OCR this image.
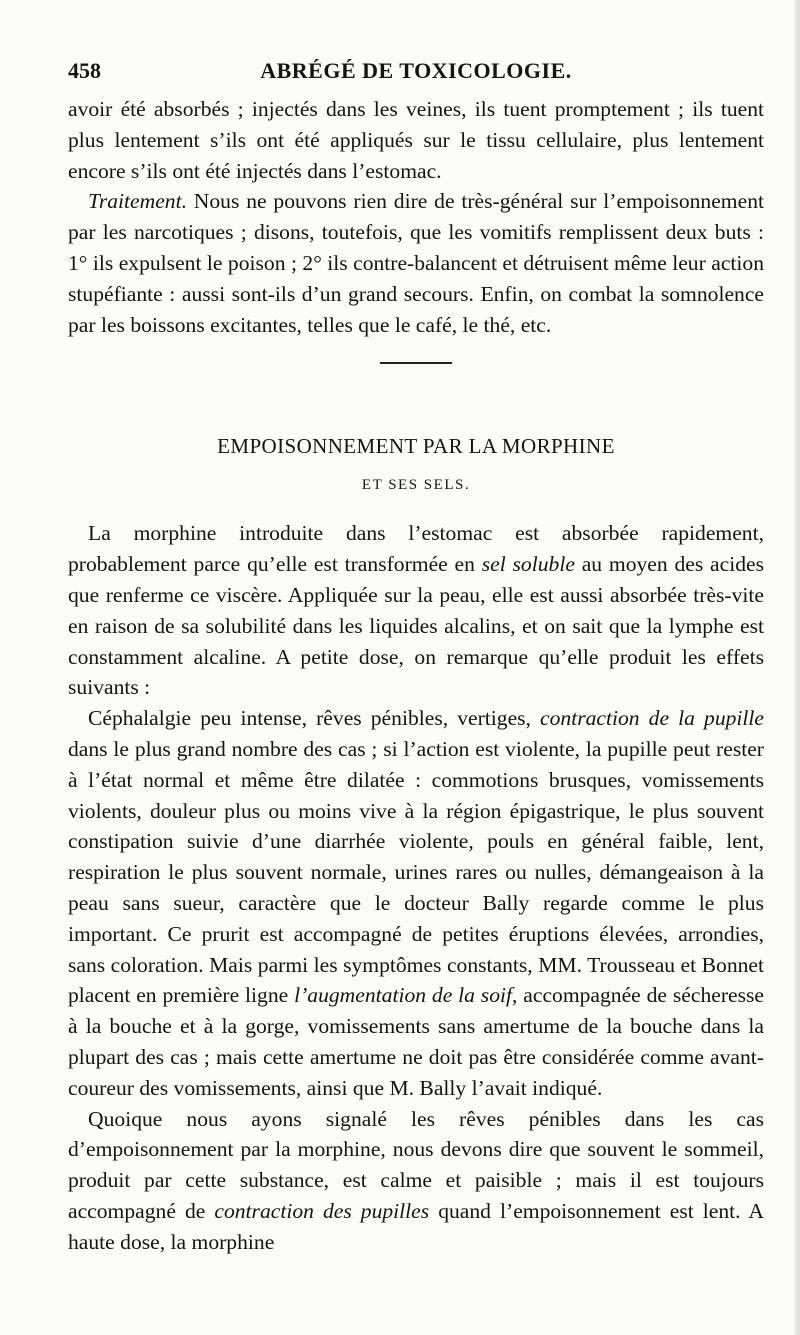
458	ABRÉGÉ DE TOXICOLOGIE.

avoir été absorbés ; injectés dans les veines, ils tuent promptement ; ils tuent plus lentement s’ils ont été appliqués sur le tissu cellulaire, plus lentement encore s’ils ont été injectés dans l’estomac.

Traitement. Nous ne pouvons rien dire de très-général sur l’empoisonnement par les narcotiques ; disons, toutefois, que les vomitifs remplissent deux buts : 1° ils expulsent le poison ; 2° ils contre-balancent et détruisent même leur action stupéfiante : aussi sont-ils d’un grand secours. Enfin, on combat la somnolence par les boissons excitantes, telles que le café, le thé, etc.

EMPOISONNEMENT PAR LA MORPHINE
ET SES SELS.

La morphine introduite dans l’estomac est absorbée rapidement, probablement parce qu’elle est transformée en sel soluble au moyen des acides que renferme ce viscère. Appliquée sur la peau, elle est aussi absorbée très-vite en raison de sa solubilité dans les liquides alcalins, et on sait que la lymphe est constamment alcaline. A petite dose, on remarque qu’elle produit les effets suivants :

Céphalalgie peu intense, rêves pénibles, vertiges, contraction de la pupille dans le plus grand nombre des cas ; si l’action est violente, la pupille peut rester à l’état normal et même être dilatée : commotions brusques, vomissements violents, douleur plus ou moins vive à la région épigastrique, le plus souvent constipation suivie d’une diarrhée violente, pouls en général faible, lent, respiration le plus souvent normale, urines rares ou nulles, démangeaison à la peau sans sueur, caractère que le docteur Bally regarde comme le plus important. Ce prurit est accompagné de petites éruptions élevées, arrondies, sans coloration. Mais parmi les symptômes constants, MM. Trousseau et Bonnet placent en première ligne l’augmentation de la soif, accompagnée de sécheresse à la bouche et à la gorge, vomissements sans amertume de la bouche dans la plupart des cas ; mais cette amertume ne doit pas être considérée comme avant-coureur des vomissements, ainsi que M. Bally l’avait indiqué.

Quoique nous ayons signalé les rêves pénibles dans les cas d’empoisonnement par la morphine, nous devons dire que souvent le sommeil, produit par cette substance, est calme et paisible ; mais il est toujours accompagné de contraction des pupilles quand l’empoisonnement est lent. A haute dose, la morphine
